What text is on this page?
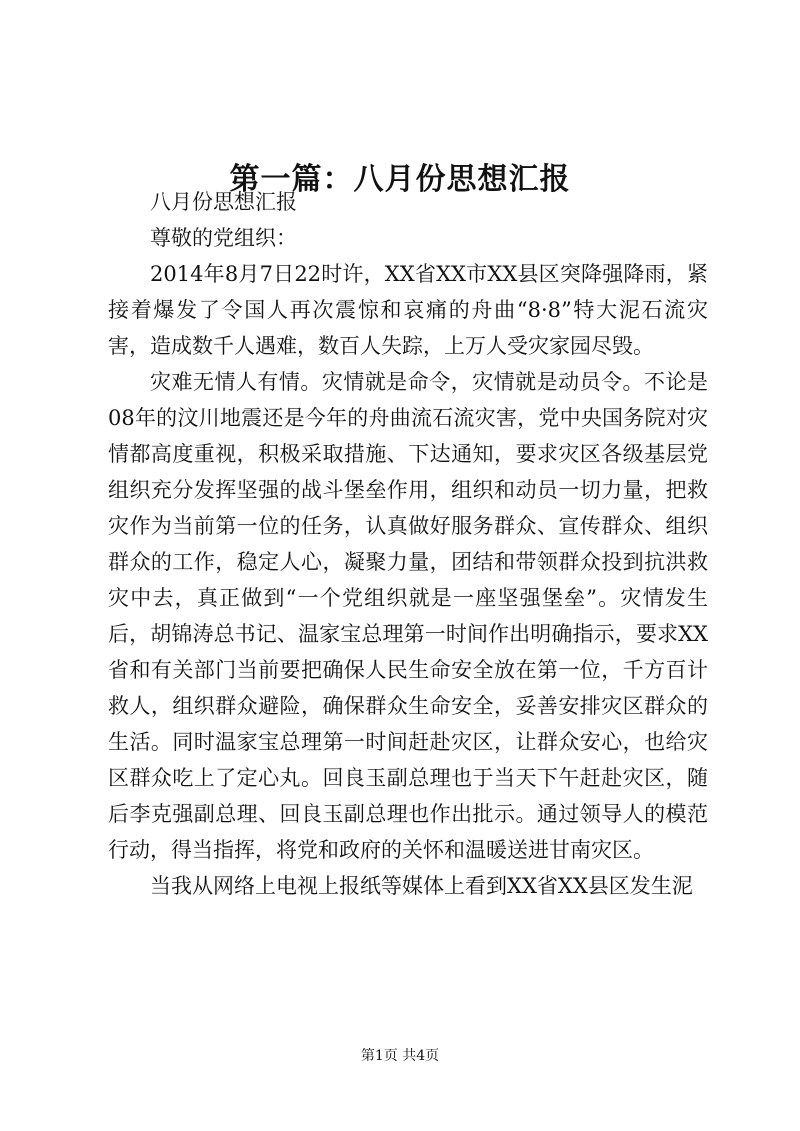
第一篇：八月份思想汇报

八月份思想汇报

尊敬的党组织：

2014年8月7日22时许，XX省XX市XX县区突降强降雨，紧接着爆发了令国人再次震惊和哀痛的舟曲“8·8”特大泥石流灾害，造成数千人遇难，数百人失踪，上万人受灾家园尽毁。

灾难无情人有情。灾情就是命令，灾情就是动员令。不论是08年的汶川地震还是今年的舟曲流石流灾害，党中央国务院对灾情都高度重视，积极采取措施、下达通知，要求灾区各级基层党组织充分发挥坚强的战斗堡垒作用，组织和动员一切力量，把救灾作为当前第一位的任务，认真做好服务群众、宣传群众、组织群众的工作，稳定人心，凝聚力量，团结和带领群众投到抗洪救灾中去，真正做到“一个党组织就是一座坚强堡垒”。灾情发生后，胡锦涛总书记、温家宝总理第一时间作出明确指示，要求XX省和有关部门当前要把确保人民生命安全放在第一位，千方百计救人，组织群众避险，确保群众生命安全，妥善安排灾区群众的生活。同时温家宝总理第一时间赶赴灾区，让群众安心，也给灾区群众吃上了定心丸。回良玉副总理也于当天下午赶赴灾区，随后李克强副总理、回良玉副总理也作出批示。通过领导人的模范行动，得当指挥，将党和政府的关怀和温暖送进甘南灾区。

当我从网络上电视上报纸等媒体上看到XX省XX县区发生泥

第1页 共4页
